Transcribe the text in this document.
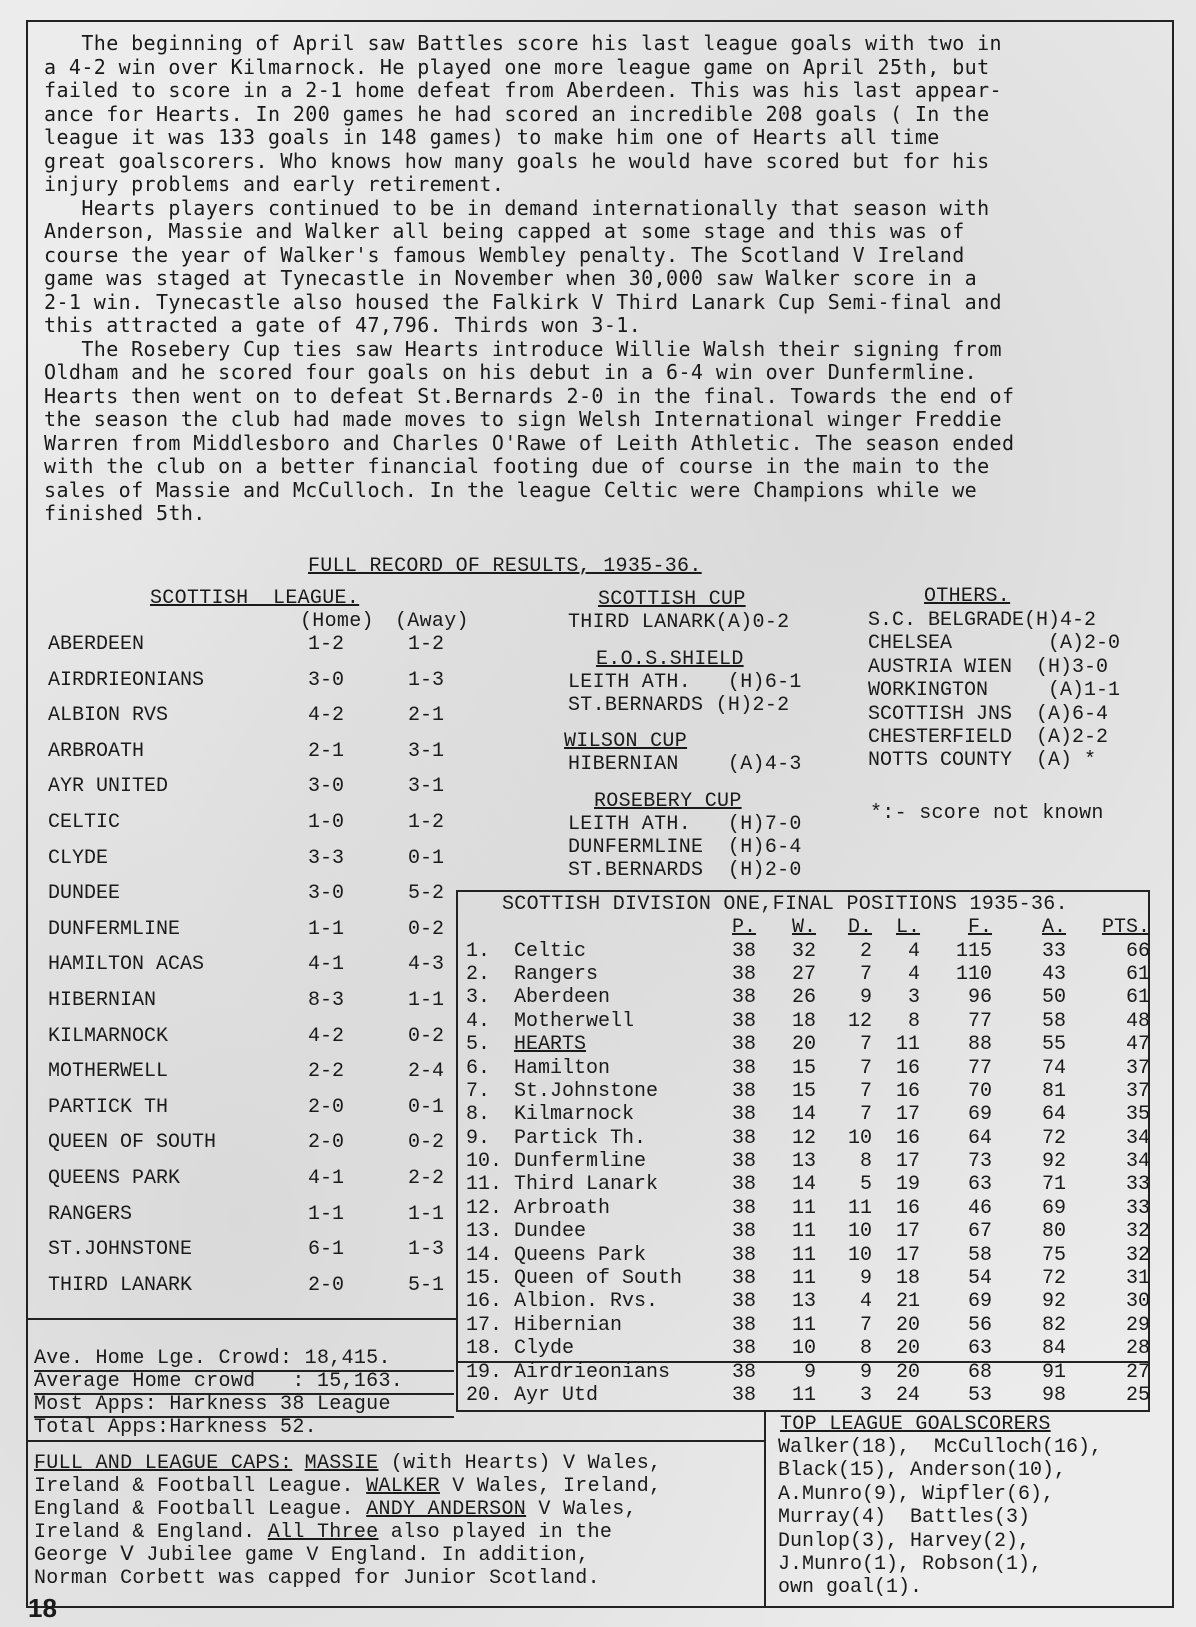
The beginning of April saw Battles score his last league goals with two in
a 4-2 win over Kilmarnock. He played one more league game on April 25th, but
failed to score in a 2-1 home defeat from Aberdeen. This was his last appear-
ance for Hearts. In 200 games he had scored an incredible 208 goals ( In the
league it was 133 goals in 148 games) to make him one of Hearts all time
great goalscorers. Who knows how many goals he would have scored but for his
injury problems and early retirement.
Hearts players continued to be in demand internationally that season with
Anderson, Massie and Walker all being capped at some stage and this was of
course the year of Walker's famous Wembley penalty. The Scotland V Ireland
game was staged at Tynecastle in November when 30,000 saw Walker score in a
2-1 win. Tynecastle also housed the Falkirk V Third Lanark Cup Semi-final and
this attracted a gate of 47,796. Thirds won 3-1.
The Rosebery Cup ties saw Hearts introduce Willie Walsh their signing from
Oldham and he scored four goals on his debut in a 6-4 win over Dunfermline.
Hearts then went on to defeat St.Bernards 2-0 in the final. Towards the end of
the season the club had made moves to sign Welsh International winger Freddie
Warren from Middlesboro and Charles O'Rawe of Leith Athletic. The season ended
with the club on a better financial footing due of course in the main to the
sales of Massie and McCulloch. In the league Celtic were Champions while we
finished 5th.
FULL RECORD OF RESULTS, 1935-36.
SCOTTISH  LEAGUE.
(Home) (Away)
ABERDEEN	1-2	1-2
AIRDRIEONIANS	3-0	1-3
ALBION RVS	4-2	2-1
ARBROATH	2-1	3-1
AYR UNITED	3-0	3-1
CELTIC	1-0	1-2
CLYDE	3-3	0-1
DUNDEE	3-0	5-2
DUNFERMLINE	1-1	0-2
HAMILTON ACAS	4-1	4-3
HIBERNIAN	8-3	1-1
KILMARNOCK	4-2	0-2
MOTHERWELL	2-2	2-4
PARTICK TH	2-0	0-1
QUEEN OF SOUTH	2-0	0-2
QUEENS PARK	4-1	2-2
RANGERS	1-1	1-1
ST.JOHNSTONE	6-1	1-3
THIRD LANARK	2-0	5-1
SCOTTISH CUP
THIRD LANARK(A)0-2
E.O.S.SHIELD
LEITH ATH.   (H)6-1
ST.BERNARDS (H)2-2
WILSON CUP
HIBERNIAN    (A)4-3
ROSEBERY CUP
LEITH ATH.   (H)7-0
DUNFERMLINE  (H)6-4
ST.BERNARDS  (H)2-0
OTHERS.
S.C. BELGRADE(H)4-2
CHELSEA        (A)2-0
AUSTRIA WIEN  (H)3-0
WORKINGTON     (A)1-1
SCOTTISH JNS  (A)6-4
CHESTERFIELD  (A)2-2
NOTTS COUNTY  (A) *
*:- score not known
SCOTTISH DIVISION ONE,FINAL POSITIONS 1935-36.
		P.	W.	D.	L.	F.	A.	PTS.
1.	Celtic	38	32	2	4	115	33	66
2.	Rangers	38	27	7	4	110	43	61
3.	Aberdeen	38	26	9	3	96	50	61
4.	Motherwell	38	18	12	8	77	58	48
5.	HEARTS	38	20	7	11	88	55	47
6.	Hamilton	38	15	7	16	77	74	37
7.	St.Johnstone	38	15	7	16	70	81	37
8.	Kilmarnock	38	14	7	17	69	64	35
9.	Partick Th.	38	12	10	16	64	72	34
10.	Dunfermline	38	13	8	17	73	92	34
11.	Third Lanark	38	14	5	19	63	71	33
12.	Arbroath	38	11	11	16	46	69	33
13.	Dundee	38	11	10	17	67	80	32
14.	Queens Park	38	11	10	17	58	75	32
15.	Queen of South	38	11	9	18	54	72	31
16.	Albion. Rvs.	38	13	4	21	69	92	30
17.	Hibernian	38	11	7	20	56	82	29
18.	Clyde	38	10	8	20	63	84	28
19.	Airdrieonians	38	9	9	20	68	91	27
20.	Ayr Utd	38	11	3	24	53	98	25
Ave. Home Lge. Crowd: 18,415.
Average Home crowd   : 15,163.
Most Apps: Harkness 38 League
Total Apps:Harkness 52.
FULL AND LEAGUE CAPS: MASSIE (with Hearts) V Wales,
Ireland & Football League. WALKER V Wales, Ireland,
England & Football League. ANDY ANDERSON V Wales,
Ireland & England. All Three also played in the
George Ⅴ Jubilee game V England. In addition,
Norman Corbett was capped for Junior Scotland.
TOP LEAGUE GOALSCORERS
Walker(18),  McCulloch(16),
Black(15), Anderson(10),
A.Munro(9), Wipfler(6),
Murray(4)  Battles(3)
Dunlop(3), Harvey(2),
J.Munro(1), Robson(1),
own goal(1).
18
